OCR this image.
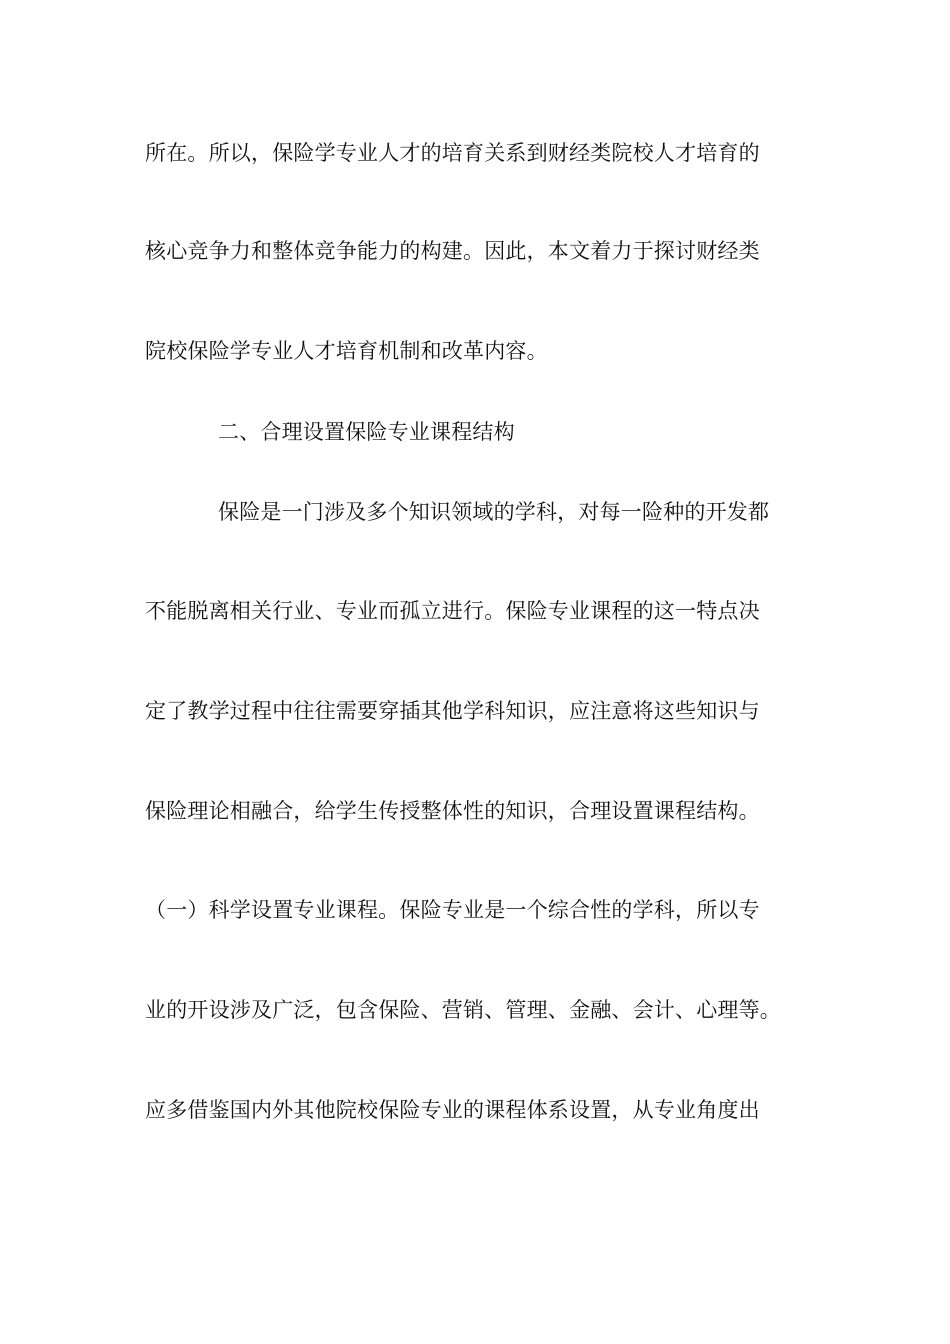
所在。所以，保险学专业人才的培育关系到财经类院校人才培育的
核心竞争力和整体竞争能力的构建。因此，本文着力于探讨财经类
院校保险学专业人才培育机制和改革内容。
二、合理设置保险专业课程结构
保险是一门涉及多个知识领域的学科，对每一险种的开发都
不能脱离相关行业、专业而孤立进行。保险专业课程的这一特点决
定了教学过程中往往需要穿插其他学科知识，应注意将这些知识与
保险理论相融合，给学生传授整体性的知识，合理设置课程结构。
（一）科学设置专业课程。保险专业是一个综合性的学科，所以专
业的开设涉及广泛，包含保险、营销、管理、金融、会计、心理等。
应多借鉴国内外其他院校保险专业的课程体系设置，从专业角度出
